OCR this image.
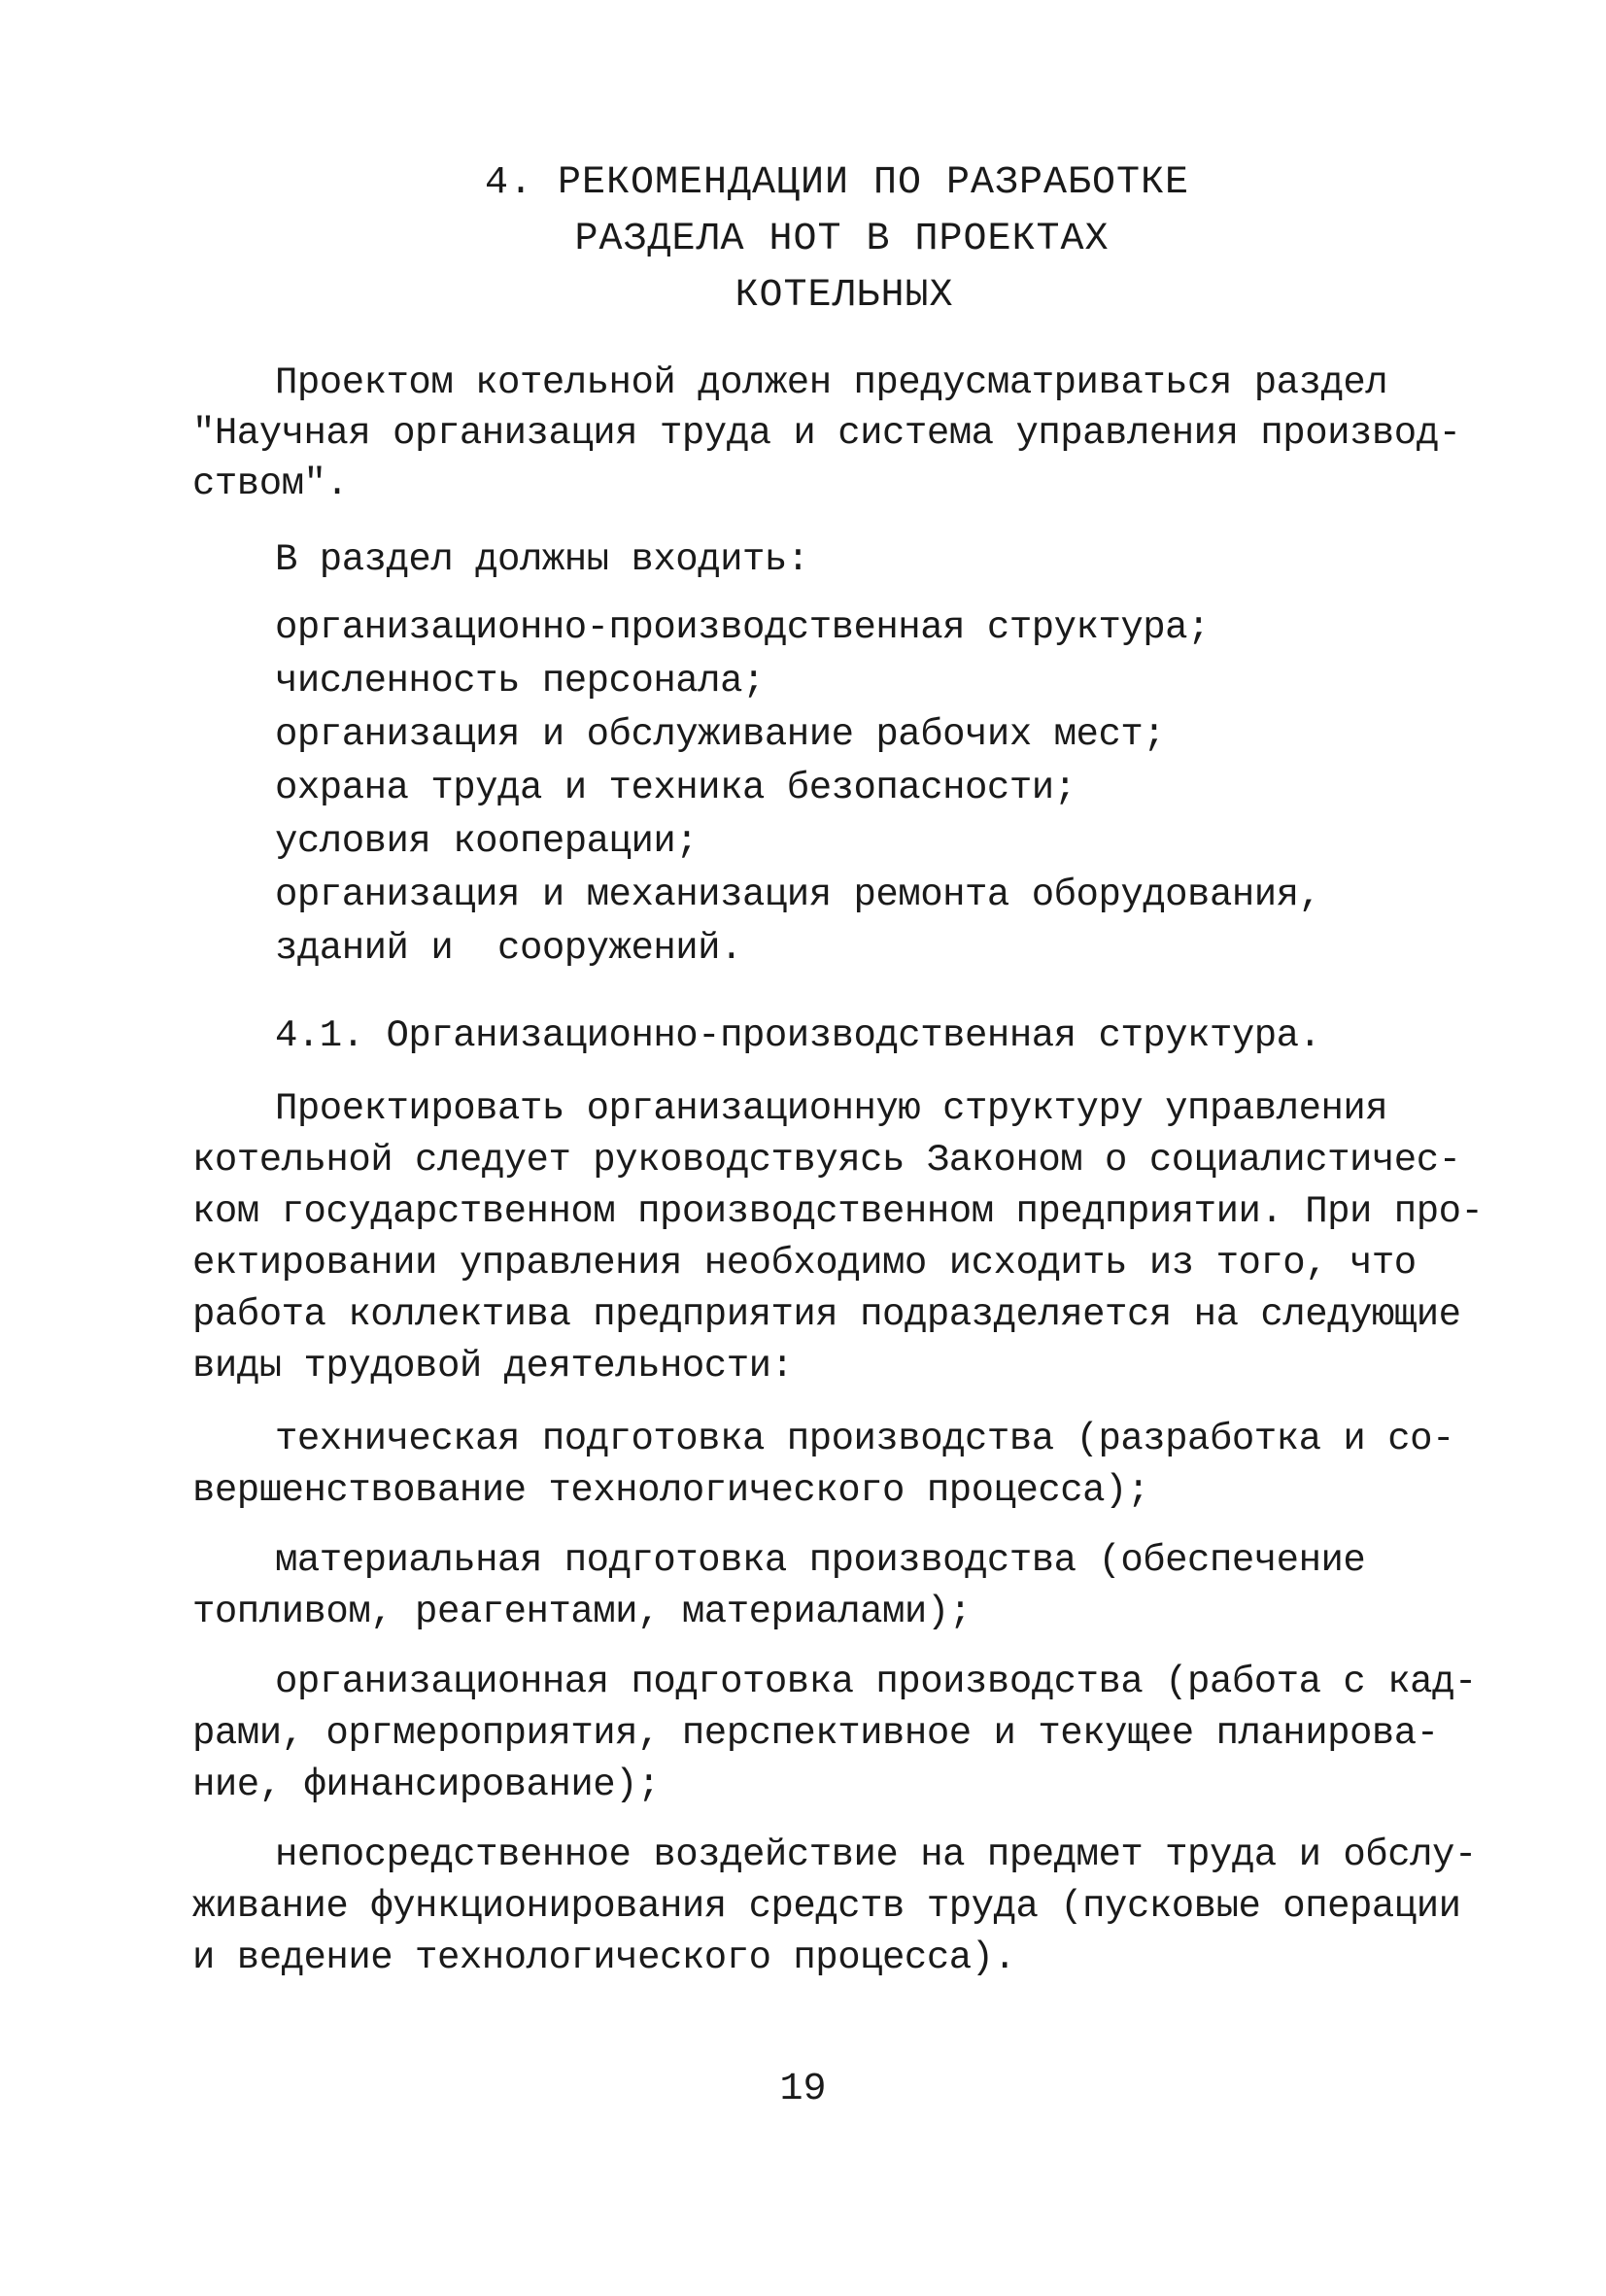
4. РЕКОМЕНДАЦИИ ПО РАЗРАБОТКЕ
РАЗДЕЛА НОТ В ПРОЕКТАХ
КОТЕЛЬНЫХ
Проектом котельной должен предусматриваться раздел
"Научная организация труда и система управления производ-
ством".
В раздел должны входить:
организационно-производственная структура;
численность персонала;
организация и обслуживание рабочих мест;
охрана труда и техника безопасности;
условия кооперации;
организация и механизация ремонта оборудования,
зданий и  сооружений.
4.1. Организационно-производственная структура.
Проектировать организационную структуру управления
котельной следует руководствуясь Законом о социалистичес-
ком государственном производственном предприятии. При про-
ектировании управления необходимо исходить из того, что
работа коллектива предприятия подразделяется на следующие
виды трудовой деятельности:
техническая подготовка производства (разработка и со-
вершенствование технологического процесса);
материальная подготовка производства (обеспечение
топливом, реагентами, материалами);
организационная подготовка производства (работа с кад-
рами, оргмероприятия, перспективное и текущее планирова-
ние, финансирование);
непосредственное воздействие на предмет труда и обслу-
живание функционирования средств труда (пусковые операции
и ведение технологического процесса).
19
